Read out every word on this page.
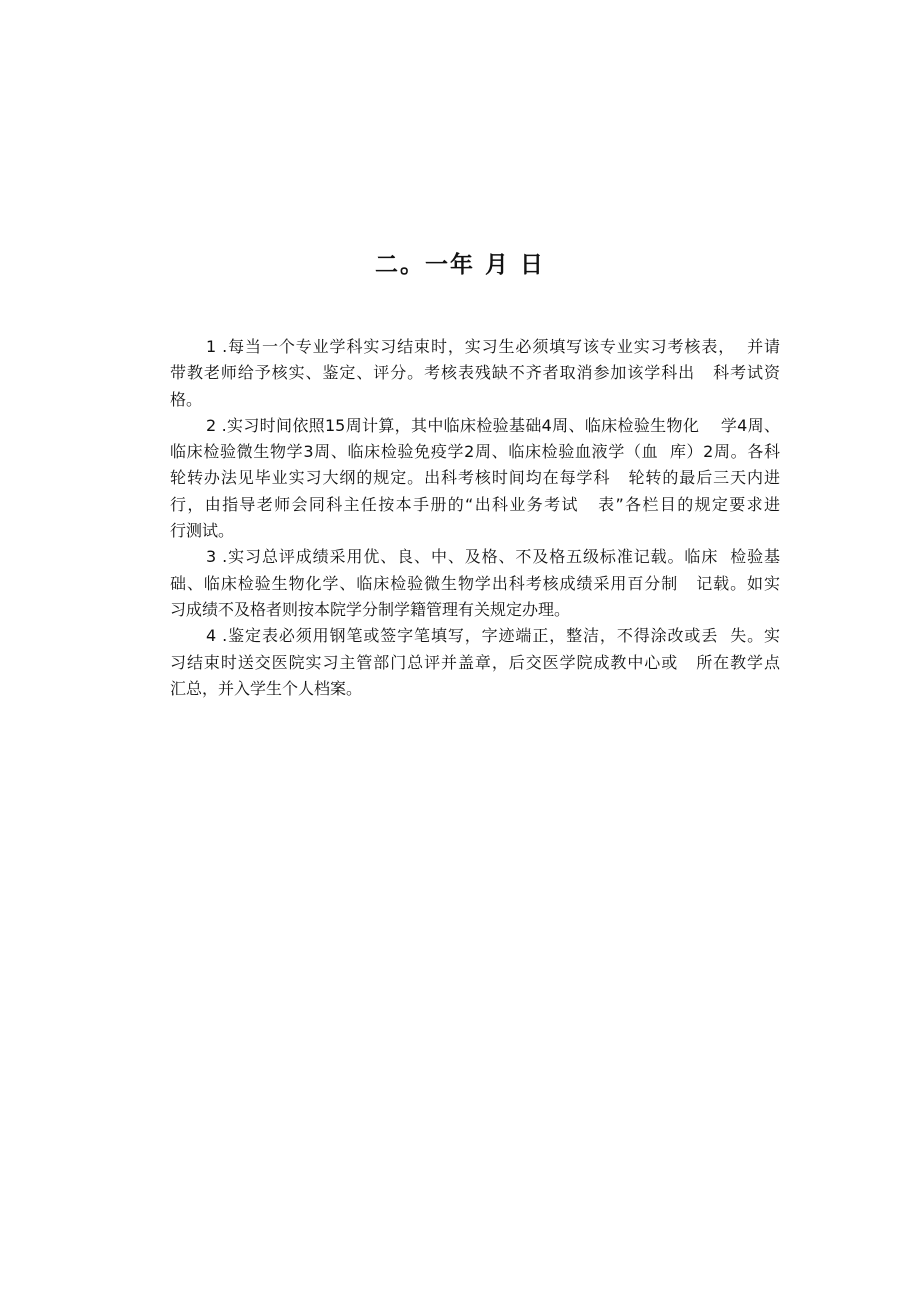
二。一年 月 日
1 .每当一个专业学科实习结束时，实习生必须填写该专业实习考核表，  并请
带教老师给予核实、鉴定、评分。考核表残缺不齐者取消参加该学科出   科考试资
格。
2 .实习时间依照15周计算，其中临床检验基础4周、临床检验生物化    学4周、
临床检验微生物学3周、临床检验免疫学2周、临床检验血液学（血  库）2周。各科
轮转办法见毕业实习大纲的规定。出科考核时间均在每学科   轮转的最后三天内进
行，由指导老师会同科主任按本手册的“出科业务考试   表”各栏目的规定要求进
行测试。
3 .实习总评成绩采用优、良、中、及格、不及格五级标准记载。临床  检验基
础、临床检验生物化学、临床检验微生物学出科考核成绩采用百分制   记载。如实
习成绩不及格者则按本院学分制学籍管理有关规定办理。
4 .鉴定表必须用钢笔或签字笔填写，字迹端正，整洁，不得涂改或丢  失。实
习结束时送交医院实习主管部门总评并盖章，后交医学院成教中心或   所在教学点
汇总，并入学生个人档案。
